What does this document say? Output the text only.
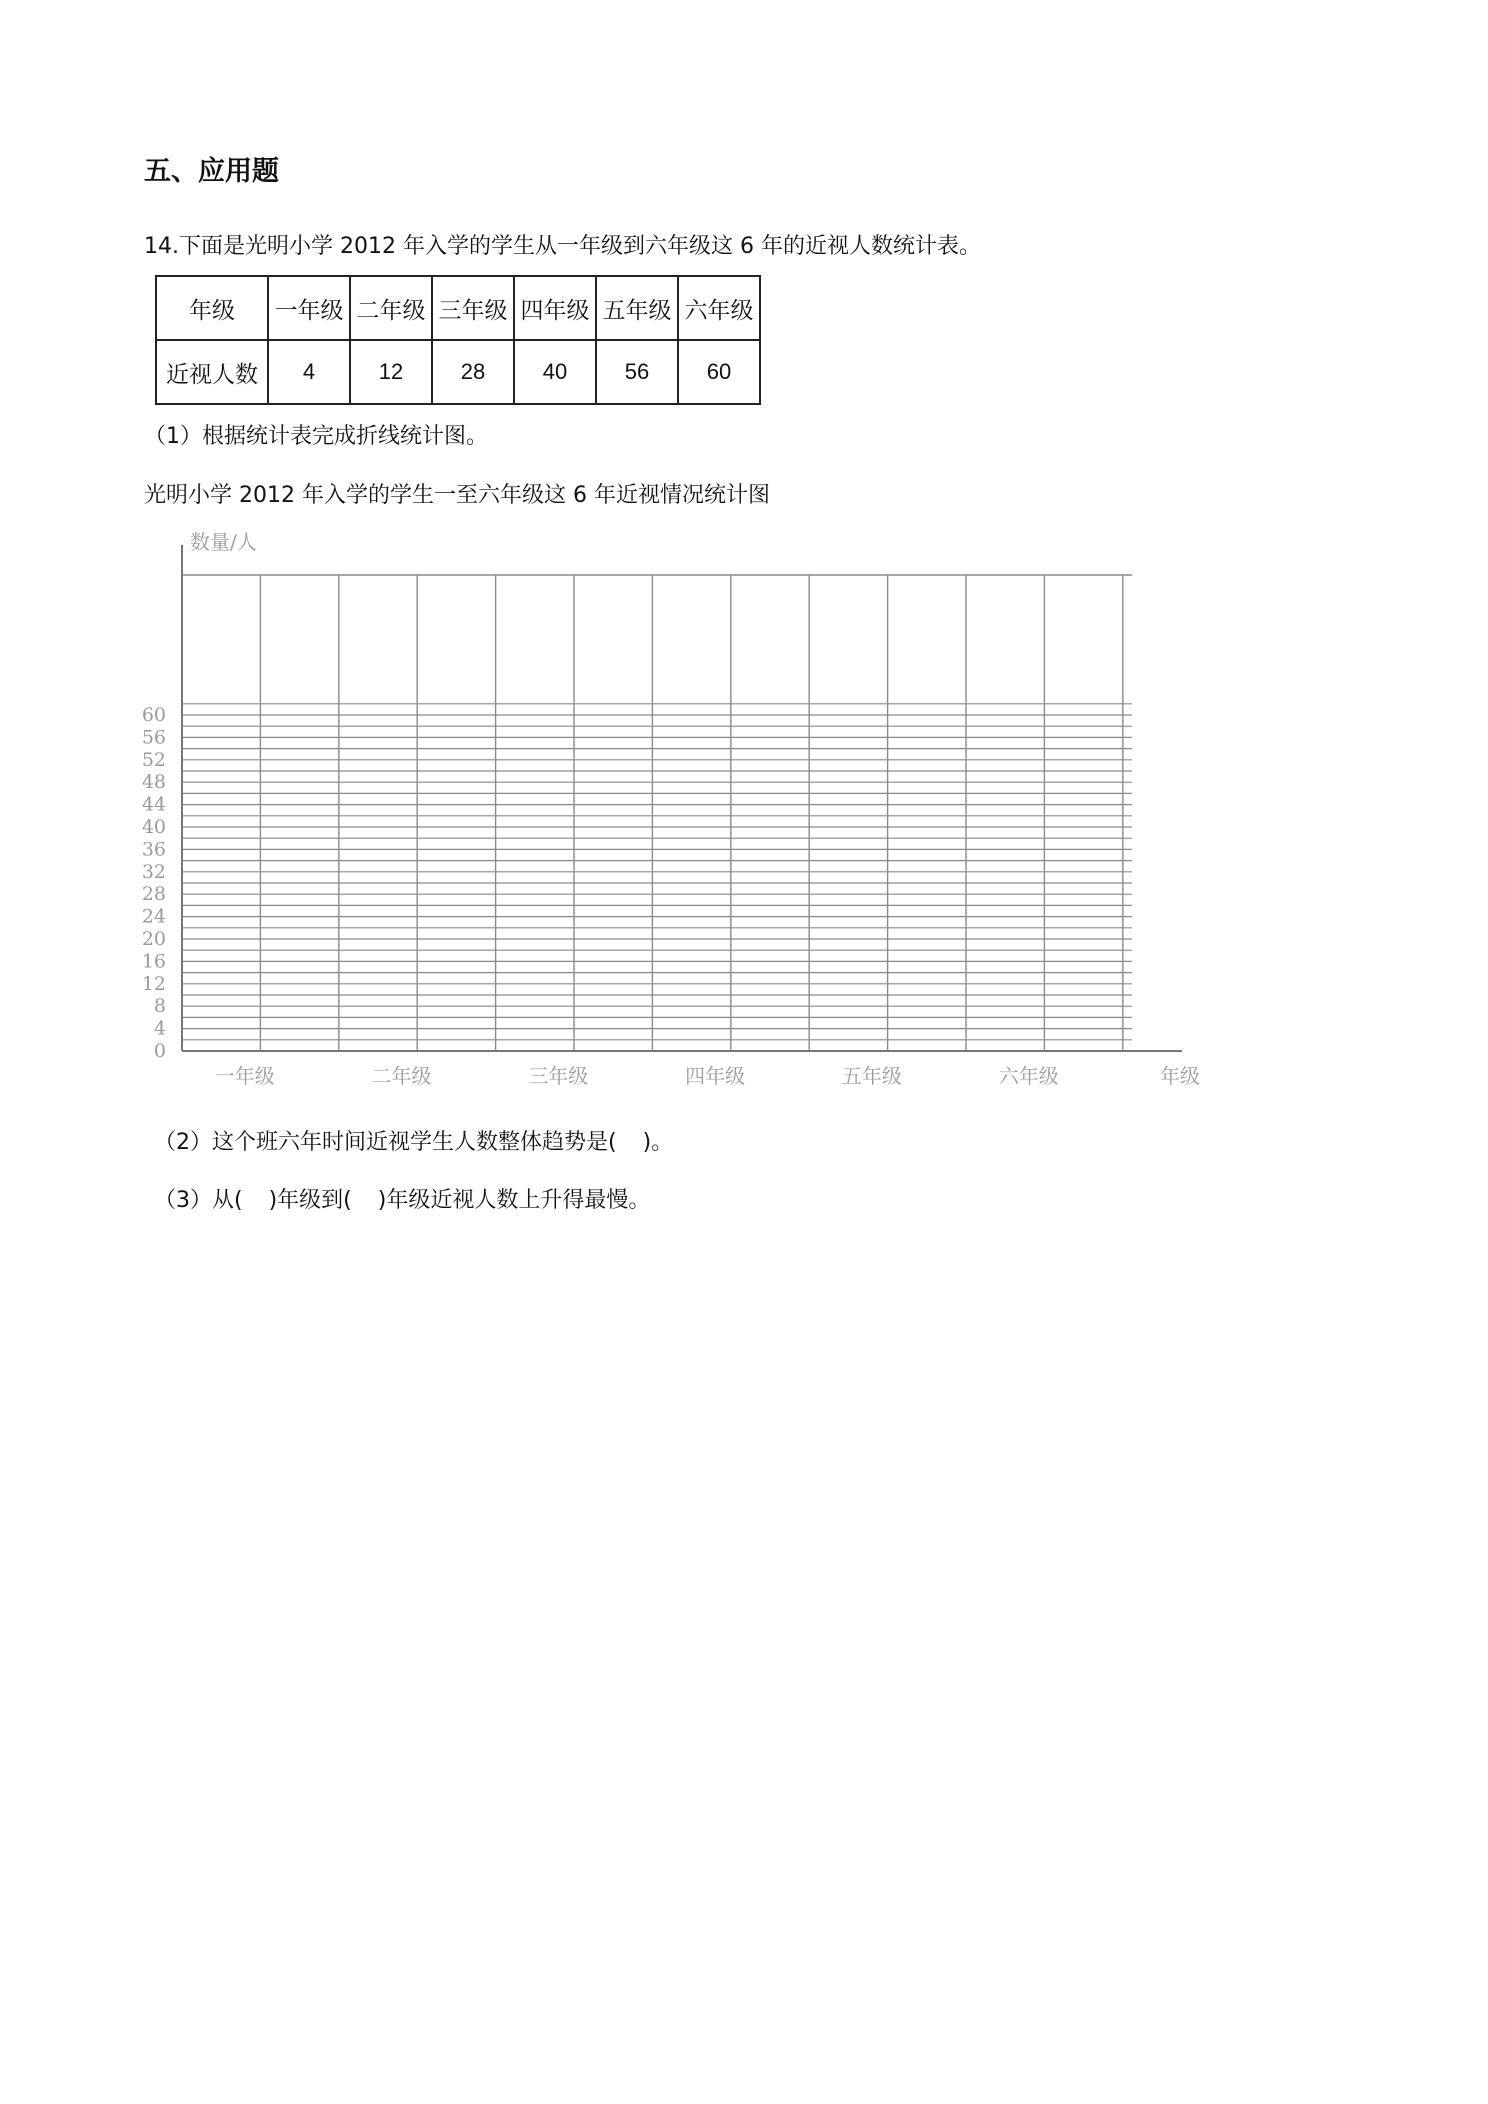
五、应用题
14.下面是光明小学 2012 年入学的学生从一年级到六年级这 6 年的近视人数统计表。
年级	一年级	二年级	三年级	四年级	五年级	六年级
近视人数	4	12	28	40	56	60
（1）根据统计表完成折线统计图。
光明小学 2012 年入学的学生一至六年级这 6 年近视情况统计图
0
4
8
12
16
20
24
28
32
36
40
44
48
52
56
60
数量/人
一年级	二年级	三年级	四年级	五年级	六年级	年级
（2）这个班六年时间近视学生人数整体趋势是( )。
（3）从( )年级到( )年级近视人数上升得最慢。
